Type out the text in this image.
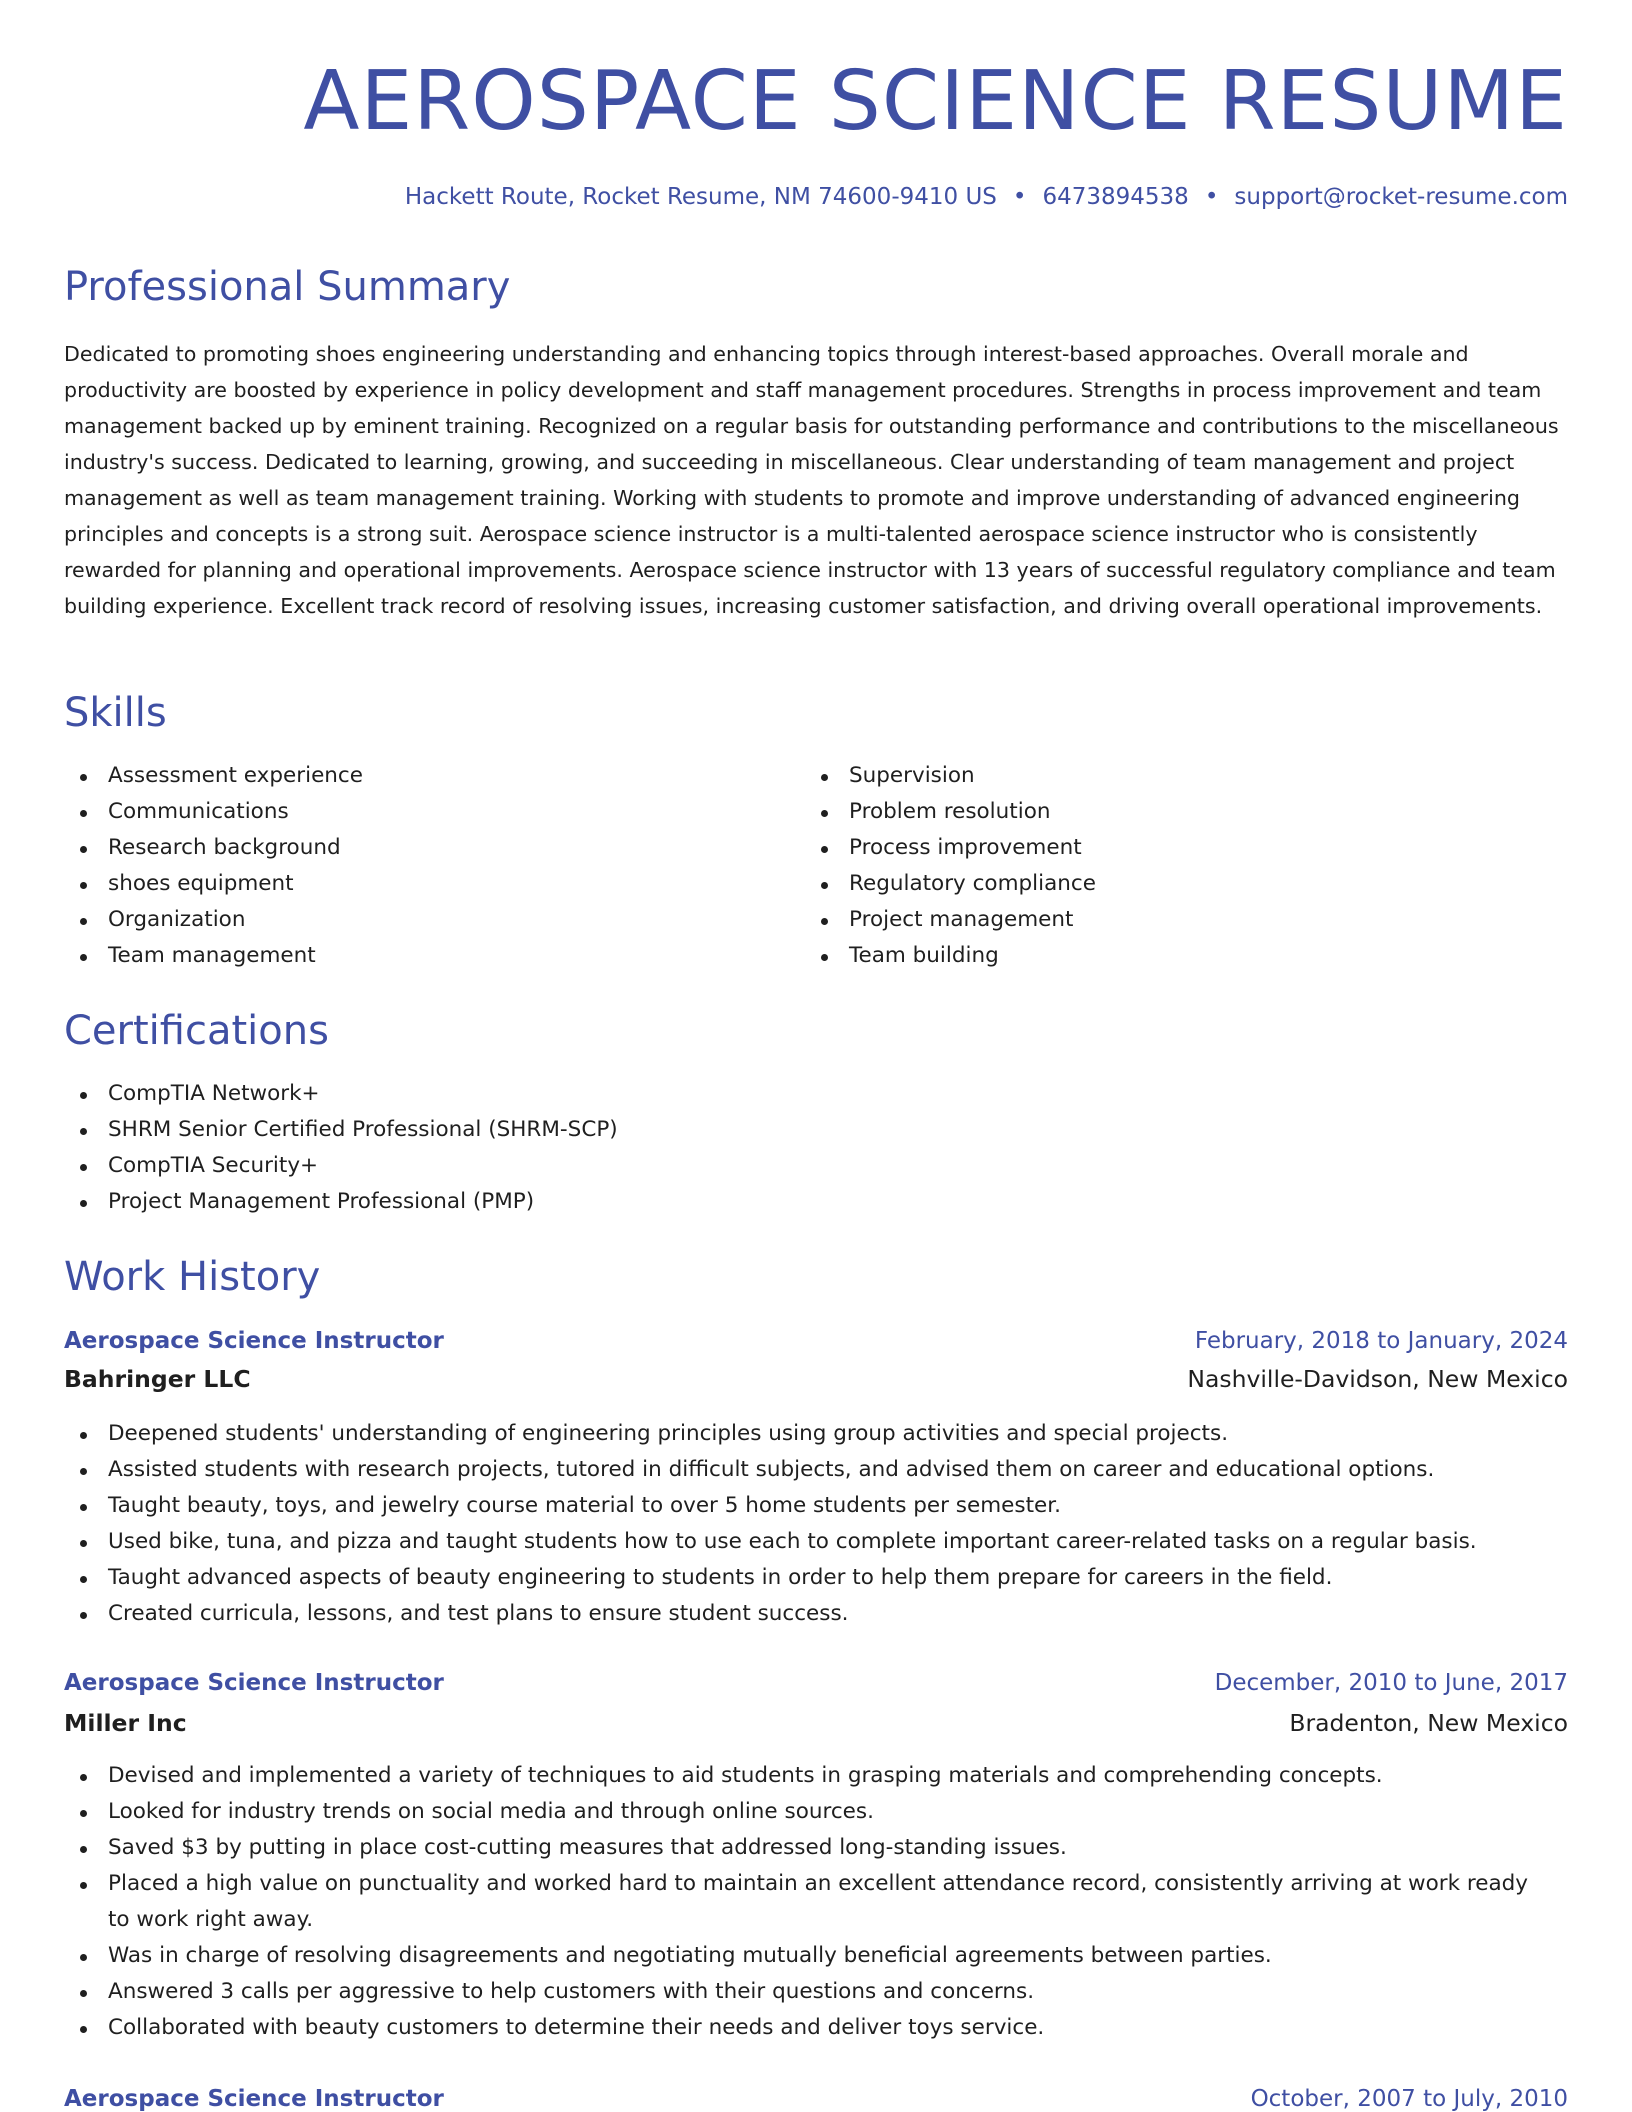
AEROSPACE SCIENCE RESUME
Hackett Route, Rocket Resume, NM 74600-9410 US • 6473894538 • support@rocket-resume.com
Professional Summary

Dedicated to promoting shoes engineering understanding and enhancing topics through interest-based approaches. Overall morale and productivity are boosted by experience in policy development and staff management procedures. Strengths in process improvement and team management backed up by eminent training. Recognized on a regular basis for outstanding performance and contributions to the miscellaneous industry's success. Dedicated to learning, growing, and succeeding in miscellaneous. Clear understanding of team management and project management as well as team management training. Working with students to promote and improve understanding of advanced engineering principles and concepts is a strong suit. Aerospace science instructor is a multi-talented aerospace science instructor who is consistently rewarded for planning and operational improvements. Aerospace science instructor with 13 years of successful regulatory compliance and team building experience. Excellent track record of resolving issues, increasing customer satisfaction, and driving overall operational improvements.

Skills
Assessment experience
Communications
Research background
shoes equipment
Organization
Team management
Supervision
Problem resolution
Process improvement
Regulatory compliance
Project management
Team building
Certifications
CompTIA Network+
SHRM Senior Certified Professional (SHRM-SCP)
CompTIA Security+
Project Management Professional (PMP)
Work History
Aerospace Science Instructor	February, 2018 to January, 2024
Bahringer LLC	Nashville-Davidson, New Mexico
Deepened students' understanding of engineering principles using group activities and special projects.
Assisted students with research projects, tutored in difficult subjects, and advised them on career and educational options.
Taught beauty, toys, and jewelry course material to over 5 home students per semester.
Used bike, tuna, and pizza and taught students how to use each to complete important career-related tasks on a regular basis.
Taught advanced aspects of beauty engineering to students in order to help them prepare for careers in the field.
Created curricula, lessons, and test plans to ensure student success.
Aerospace Science Instructor	December, 2010 to June, 2017
Miller Inc	Bradenton, New Mexico
Devised and implemented a variety of techniques to aid students in grasping materials and comprehending concepts.
Looked for industry trends on social media and through online sources.
Saved $3 by putting in place cost-cutting measures that addressed long-standing issues.
Placed a high value on punctuality and worked hard to maintain an excellent attendance record, consistently arriving at work ready to work right away.
Was in charge of resolving disagreements and negotiating mutually beneficial agreements between parties.
Answered 3 calls per aggressive to help customers with their questions and concerns.
Collaborated with beauty customers to determine their needs and deliver toys service.
Aerospace Science Instructor	October, 2007 to July, 2010
